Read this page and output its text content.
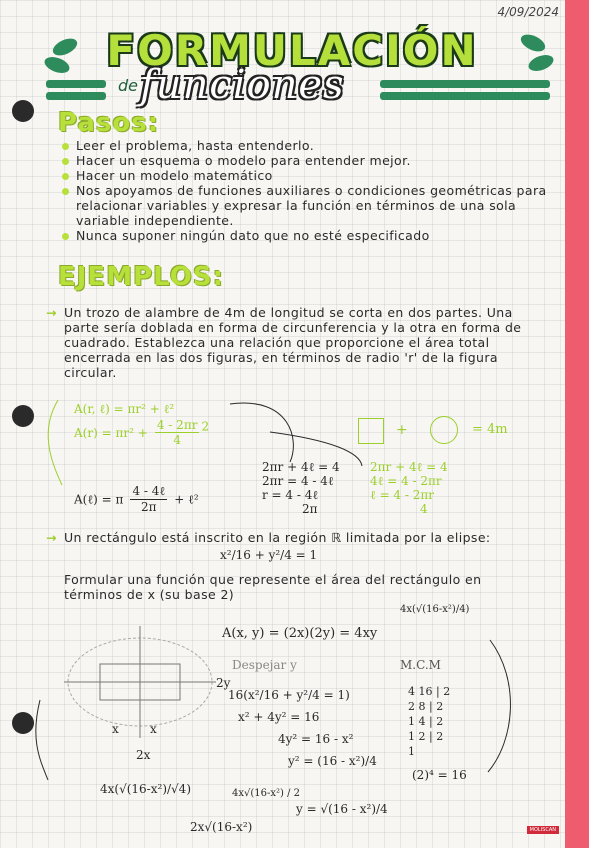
4/09/2024
FORMULACIÓN
de funciones
Pasos:
Leer el problema, hasta entenderlo.
Hacer un esquema o modelo para entender mejor.
Hacer un modelo matemático
Nos apoyamos de funciones auxiliares o condiciones geométricas para relacionar variables y expresar la función en términos de una sola variable independiente.
Nunca suponer ningún dato que no esté especificado
EJEMPLOS:
→ Un trozo de alambre de 4m de longitud se corta en dos partes. Una parte sería doblada en forma de circunferencia y la otra en forma de cuadrado. Establezca una relación que proporcione el área total encerrada en las dos figuras, en términos de radio 'r' de la figura circular.
A(r, ℓ) = πr² + ℓ²
$A(r) = \pi r^2 + \frac{4 - 2\pi r}{4} ^2$	+	= 4m
2πr + 4ℓ = 4
2πr = 4 - 4ℓ
r = 4 - 4ℓ
2π
2πr + 4ℓ = 4
4ℓ = 4 - 2πr
ℓ = 4 - 2πr
4
A(ℓ) = π
4 - 4ℓ
2π
+ ℓ²
→ Un rectángulo está inscrito en la región ℝ limitada por la elipse:
x²/16 + y²/4 = 1
Formular una función que represente el área del rectángulo en términos de x (su base 2)
4x(√(16-x²)/4)
A(x, y) = (2x)(2y) = 4xy
Despejar y	M.C.M
16(x²/16 + y²/4 = 1)
x² + 4y² = 16
4y² = 16 - x²
y² = (16 - x²)/4
4 16 | 2
2 8 | 2
1 4 | 2
1 2 | 2
1
(2)⁴ = 16
2y
x	x
2x
4x(√(16-x²)/√4)	4x√(16-x²) / 2
y = √(16 - x²)/4
2x√(16-x²)	MOLISCAN
